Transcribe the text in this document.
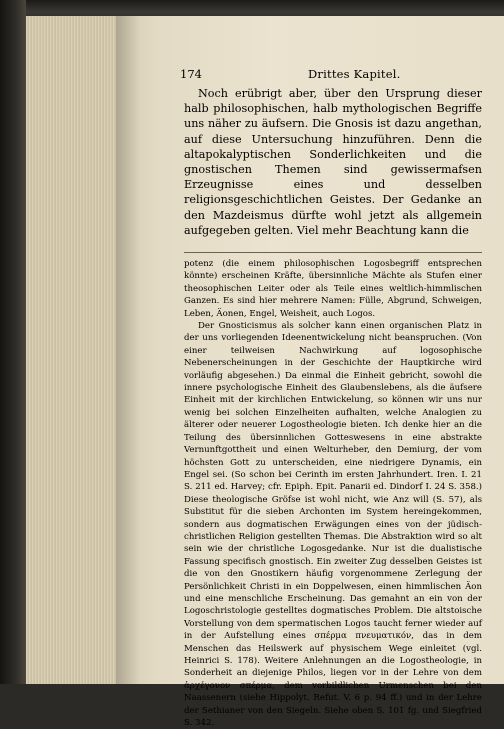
174	Drittes Kapitel.

Noch erübrigt aber, über den Ursprung dieser halb philosophischen, halb mythologischen Begriffe uns näher zu äufsern. Die Gnosis ist dazu angethan, auf diese Untersuchung hinzuführen. Denn die altapokalyptischen Sonderlichkeiten und die gnostischen Themen sind gewissermafsen Erzeugnisse eines und desselben religionsgeschichtlichen Geistes. Der Gedanke an den Mazdeismus dürfte wohl jetzt als allgemein aufgegeben gelten. Viel mehr Beachtung kann die

potenz (die einem philosophischen Logosbegriff entsprechen könnte) erscheinen Kräfte, übersinnliche Mächte als Stufen einer theosophischen Leiter oder als Teile eines weltlich-himmlischen Ganzen. Es sind hier mehrere Namen: Fülle, Abgrund, Schweigen, Leben, Äonen, Engel, Weisheit, auch Logos.

Der Gnosticismus als solcher kann einen organischen Platz in der uns vorliegenden Ideenentwickelung nicht beanspruchen. (Von einer teilweisen Nachwirkung auf logosophische Nebenerscheinungen in der Geschichte der Hauptkirche wird vorläufig abgesehen.) Da einmal die Einheit gebricht, sowohl die innere psychologische Einheit des Glaubenslebens, als die äufsere Einheit mit der kirchlichen Entwickelung, so können wir uns nur wenig bei solchen Einzelheiten aufhalten, welche Analogien zu älterer oder neuerer Logostheologie bieten. Ich denke hier an die Teilung des übersinnlichen Gotteswesens in eine abstrakte Vernunftgottheit und einen Welturheber, den Demiurg, der vom höchsten Gott zu unterscheiden, eine niedrigere Dynamis, ein Engel sei. (So schon bei Cerinth im ersten Jahrhundert. Iren. I. 21 S. 211 ed. Harvey; cfr. Epiph. Epit. Panarii ed. Dindorf I. 24 S. 358.) Diese theologische Gröfse ist wohl nicht, wie Anz will (S. 57), als Substitut für die sieben Archonten im System hereingekommen, sondern aus dogmatischen Erwägungen eines von der jüdisch-christlichen Religion gestellten Themas. Die Abstraktion wird so alt sein wie der christliche Logosgedanke. Nur ist die dualistische Fassung specifisch gnostisch. Ein zweiter Zug desselben Geistes ist die von den Gnostikern häufig vorgenommene Zerlegung der Persönlichkeit Christi in ein Doppelwesen, einen himmlischen Äon und eine menschliche Erscheinung. Das gemahnt an ein von der Logoschristologie gestelltes dogmatisches Problem. Die altstoische Vorstellung von dem spermatischen Logos taucht ferner wieder auf in der Aufstellung eines σπέρμα πνευματικόν, das in dem Menschen das Heilswerk auf physischem Wege einleitet (vgl. Heinrici S. 178). Weitere Anlehnungen an die Logostheologie, in Sonderheit an diejenige Philos, liegen vor in der Lehre von dem ἀρχέγονον σπέρμα, dem vorbildlichen Urmenschen bei den Naassenern (siehe Hippolyt. Refut. V. 6 p. 94 ff.) und in der Lehre der Sethianer von den Siegeln. Siehe oben S. 101 fg. und Siegfried S. 342.
